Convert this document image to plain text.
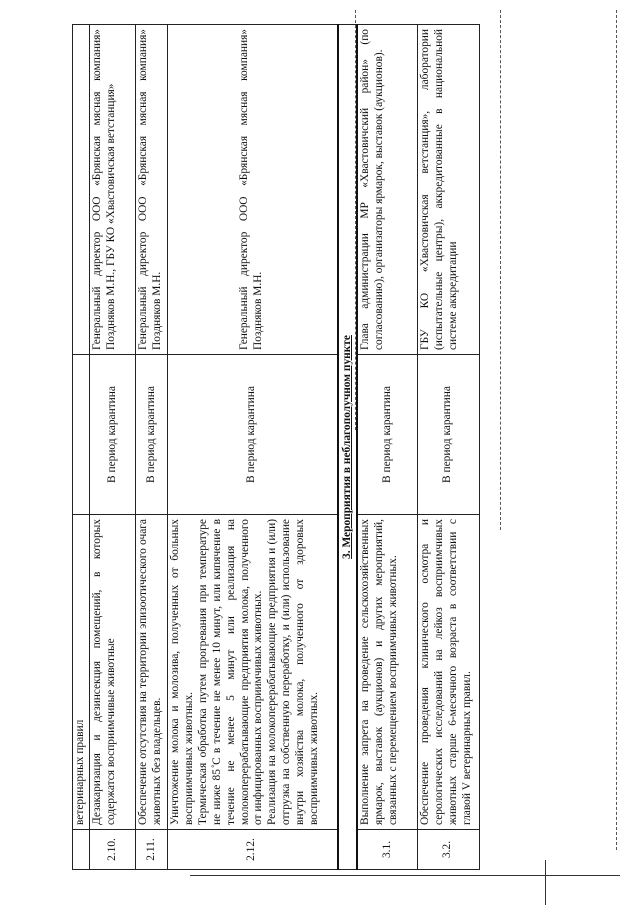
	ветеринарных правил		
2.10.	Дезакаризация и дезинсекция помещений, в которых содержатся восприимчивые животные	В период карантина	Генеральный директор ООО «Брянская мясная компания» Поздняков М.Н., ГБУ КО «Хвастовичская ветстанция»
2.11.	Обеспечение отсутствия на территории эпизоотического очага животных без владельцев.	В период карантина	Генеральный директор ООО «Брянская мясная компания» Поздняков М.Н.
2.12.	Уничтожение молока и молозива, полученных от больных восприимчивых животных. Термическая обработка путем прогревания при температуре не ниже 85 ̊С в течение не менее 10 минут, или кипячение в течение не менее 5 минут или реализация на молокоперерабатывающие предприятия молока, полученного от инфицированных восприимчивых животных. Реализация на молокоперерабатывающие предприятия и (или) отгрузка на собственную переработку, и (или) использование внутри хозяйства молока, полученного от здоровых восприимчивых животных.	В период карантина	Генеральный директор ООО «Брянская мясная компания» Поздняков М.Н.
3. Мероприятия в неблагополучном пункте			
3.1.	Выполнение запрета на проведение сельскохозяйственных ярмарок, выставок (аукционов) и других мероприятий, связанных с перемещением восприимчивых животных.	В период карантина	Глава администрации МР «Хвастовичский район» (по согласованию), организаторы ярмарок, выставок (аукционов).
3.2.	Обеспечение проведения клинического осмотра и серологических исследований на лейкоз восприимчивых животных старше 6-месячного возраста в соответствии с главой V ветеринарных правил.	В период карантина	ГБУ КО «Хвастовичская ветстанция», лаборатории (испытательные центры), аккредитованные в национальной системе аккредитации
